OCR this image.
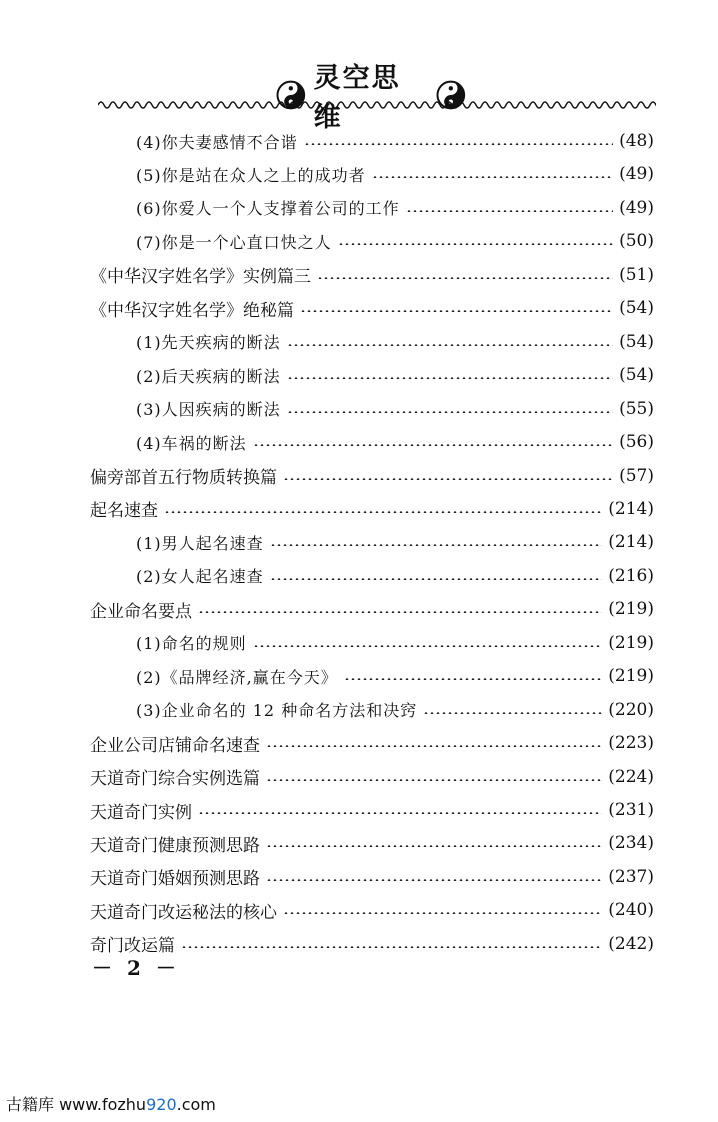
灵空思维
(4)你夫妻感情不合谐	(48)
(5)你是站在众人之上的成功者	(49)
(6)你爱人一个人支撑着公司的工作	(49)
(7)你是一个心直口快之人	(50)
《中华汉字姓名学》实例篇三	(51)
《中华汉字姓名学》绝秘篇	(54)
(1)先天疾病的断法	(54)
(2)后天疾病的断法	(54)
(3)人因疾病的断法	(55)
(4)车祸的断法	(56)
偏旁部首五行物质转换篇	(57)
起名速查	(214)
(1)男人起名速查	(214)
(2)女人起名速查	(216)
企业命名要点	(219)
(1)命名的规则	(219)
(2)《品牌经济,赢在今天》	(219)
(3)企业命名的 12 种命名方法和决窍	(220)
企业公司店铺命名速查	(223)
天道奇门综合实例选篇	(224)
天道奇门实例	(231)
天道奇门健康预测思路	(234)
天道奇门婚姻预测思路	(237)
天道奇门改运秘法的核心	(240)
奇门改运篇	(242)
－ 2 －
古籍库 www.fozhu920.com
